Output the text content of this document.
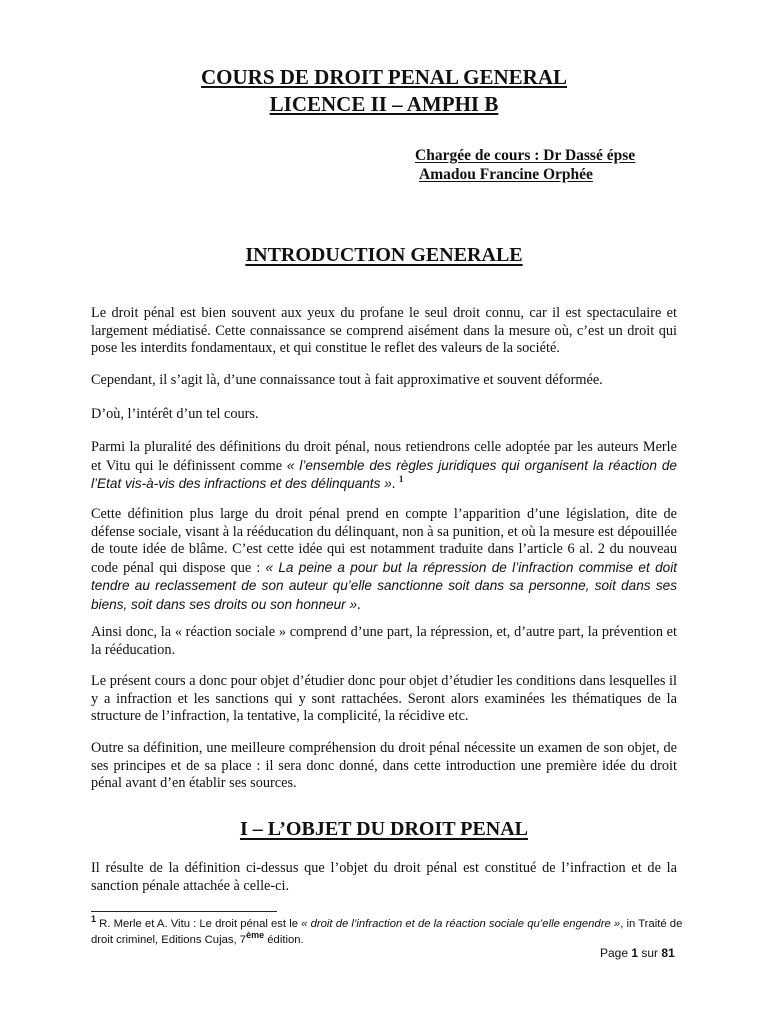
COURS DE DROIT PENAL GENERAL
LICENCE II – AMPHI B
Chargée de cours : Dr Dassé épse
Amadou Francine Orphée
INTRODUCTION GENERALE
Le droit pénal est bien souvent aux yeux du profane le seul droit connu, car il est spectaculaire et largement médiatisé. Cette connaissance se comprend aisément dans la mesure où, c’est un droit qui pose les interdits fondamentaux, et qui constitue le reflet des valeurs de la société.
Cependant, il s’agit là, d’une connaissance tout à fait approximative et souvent déformée.
D’où, l’intérêt d’un tel cours.
Parmi la pluralité des définitions du droit pénal, nous retiendrons celle adoptée par les auteurs Merle et Vitu qui le définissent comme « l’ensemble des règles juridiques qui organisent la réaction de l’Etat vis-à-vis des infractions et des délinquants ». $^1$
Cette définition plus large du droit pénal prend en compte l’apparition d’une législation, dite de défense sociale, visant à la rééducation du délinquant, non à sa punition, et où la mesure est dépouillée de toute idée de blâme. C’est cette idée qui est notamment traduite dans l’article 6 al. 2 du nouveau code pénal qui dispose que : « La peine a pour but la répression de l’infraction commise et doit tendre au reclassement de son auteur qu’elle sanctionne soit dans sa personne, soit dans ses biens, soit dans ses droits ou son honneur ».
Ainsi donc, la « réaction sociale » comprend d’une part, la répression, et, d’autre part, la prévention et la rééducation.
Le présent cours a donc pour objet d’étudier donc pour objet d’étudier les conditions dans lesquelles il y a infraction et les sanctions qui y sont rattachées. Seront alors examinées les thématiques de la structure de l’infraction, la tentative, la complicité, la récidive etc.
Outre sa définition, une meilleure compréhension du droit pénal nécessite un examen de son objet, de ses principes et de sa place : il sera donc donné, dans cette introduction une première idée du droit pénal avant d’en établir ses sources.
I – L’OBJET DU DROIT PENAL
Il résulte de la définition ci-dessus que l’objet du droit pénal est constitué de l’infraction et de la sanction pénale attachée à celle-ci.
$^1$ R. Merle et A. Vitu : Le droit pénal est le « droit de l’infraction et de la réaction sociale qu’elle engendre », in Traité de droit criminel, Editions Cujas, 7ème édition.
Page 1 sur 81
